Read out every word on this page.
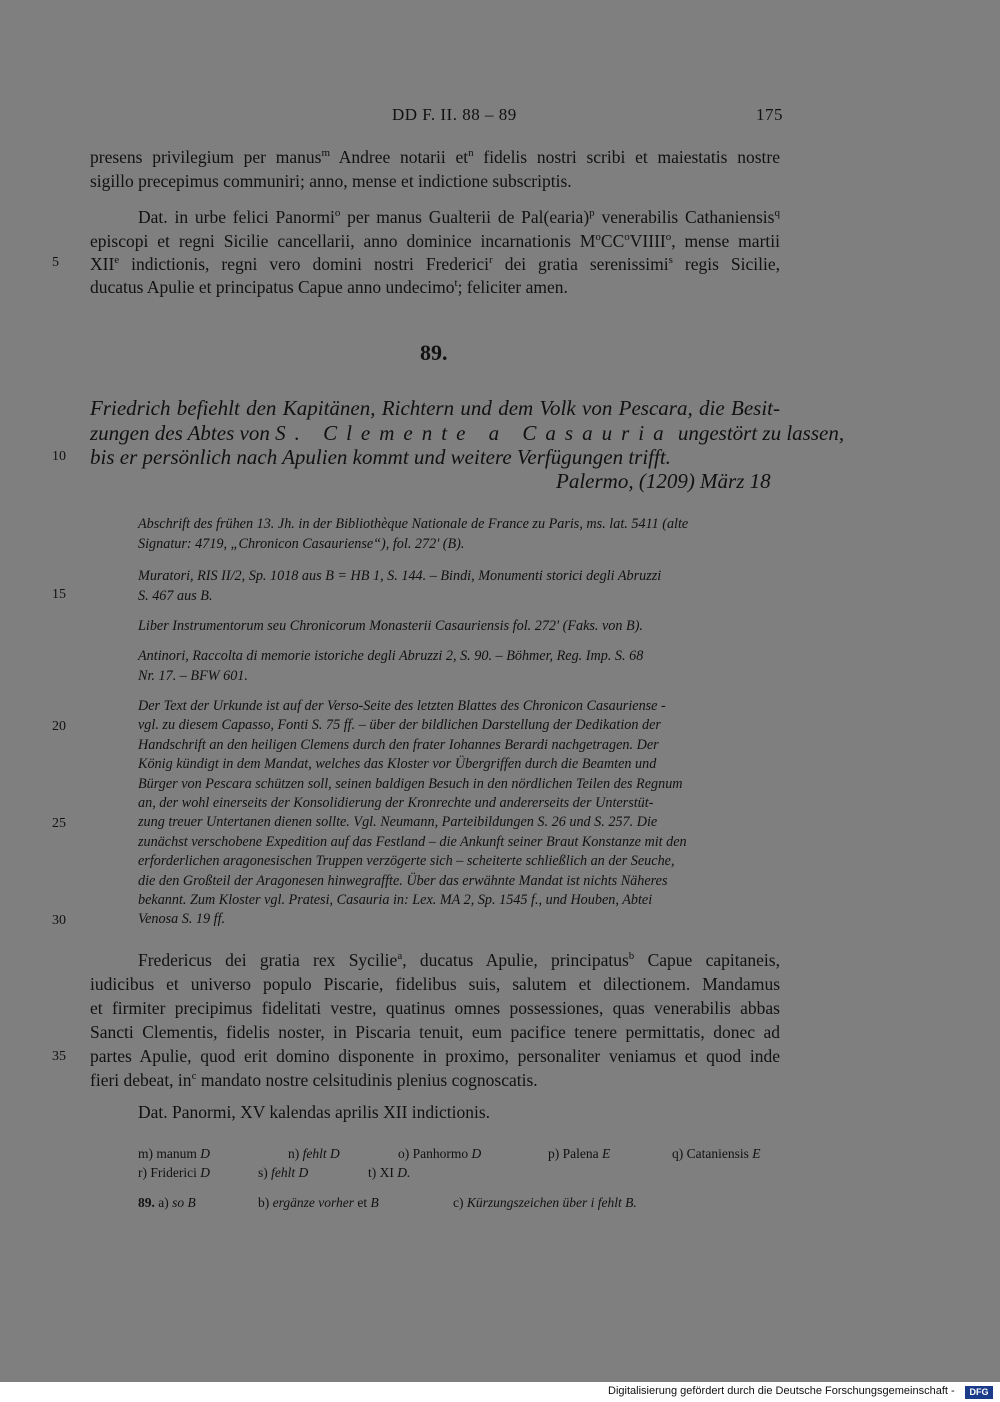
DD F. II. 88 – 89	175
presens privilegium per manus$^m$ Andree notarii $et^n$ fidelis nostri scribi et maiestatis nostre
sigillo precepimus communiri; anno, mense et indictione subscriptis.
Dat. in urbe felici Panormi$^o$ per manus Gualterii de Pal(earia)$^p$ venerabilis Cathaniensis$^q$
episcopi et regni Sicilie cancellarii, anno dominice incarnationis $M^oCC^oVIIII^o$, mense martii
XIIe indictionis, regni vero domini nostri Frederici$^r$ dei gratia serenissimi$^s$ regis Sicilie,
ducatus Apulie et principatus Capue anno undecimo$^t$; feliciter amen.
5
10
15
20
25
30
35
89.
Friedrich befiehlt den Kapitänen, Richtern und dem Volk von Pescara, die Besit-
zungen des Abtes von S. Clemente a Casauria ungestört zu lassen,
bis er persönlich nach Apulien kommt und weitere Verfügungen trifft.
Palermo, (1209) März 18
Abschrift des frühen 13. Jh. in der Bibliothèque Nationale de France zu Paris, ms. lat. 5411 (alte
Signatur: 4719, „Chronicon Casauriense“), fol. 272' (B).
Muratori, RIS II/2, Sp. 1018 aus B = HB 1, S. 144. – Bindi, Monumenti storici degli Abruzzi
S. 467 aus B.
Liber Instrumentorum seu Chronicorum Monasterii Casauriensis fol. 272' (Faks. von B).
Antinori, Raccolta di memorie istoriche degli Abruzzi 2, S. 90. – Böhmer, Reg. Imp. S. 68
Nr. 17. – BFW 601.
Der Text der Urkunde ist auf der Verso-Seite des letzten Blattes des Chronicon Casauriense -
vgl. zu diesem Capasso, Fonti S. 75 ff. – über der bildlichen Darstellung der Dedikation der
Handschrift an den heiligen Clemens durch den frater Iohannes Berardi nachgetragen. Der
König kündigt in dem Mandat, welches das Kloster vor Übergriffen durch die Beamten und
Bürger von Pescara schützen soll, seinen baldigen Besuch in den nördlichen Teilen des Regnum
an, der wohl einerseits der Konsolidierung der Kronrechte und andererseits der Unterstüt-
zung treuer Untertanen dienen sollte. Vgl. Neumann, Parteibildungen S. 26 und S. 257. Die
zunächst verschobene Expedition auf das Festland – die Ankunft seiner Braut Konstanze mit den
erforderlichen aragonesischen Truppen verzögerte sich – scheiterte schließlich an der Seuche,
die den Großteil der Aragonesen hinwegraffte. Über das erwähnte Mandat ist nichts Näheres
bekannt. Zum Kloster vgl. Pratesi, Casauria in: Lex. MA 2, Sp. 1545 f., und Houben, Abtei
Venosa S. 19 ff.
Fredericus dei gratia rex Sycilie$^a$, ducatus Apulie, principatus$^b$ Capue capitaneis,
iudicibus et universo populo Piscarie, fidelibus suis, salutem et dilectionem. Mandamus
et firmiter precipimus fidelitati vestre, quatinus omnes possessiones, quas venerabilis abbas
Sancti Clementis, fidelis noster, in Piscaria tenuit, eum pacifice tenere permittatis, donec ad
partes Apulie, quod erit domino disponente in proximo, personaliter veniamus et quod inde
fieri debeat, $in^c$ mandato nostre celsitudinis plenius cognoscatis.
Dat. Panormi, XV kalendas aprilis XII indictionis.
m) manum D	n) fehlt D	o) Panhormo D	p) Palena E	q) Cataniensis E
r) Friderici D	s) fehlt D	t) XI D.
89. a) so B	b) ergänze vorher et B	c) Kürzungszeichen über i fehlt B.
Digitalisierung gefördert durch die Deutsche Forschungsgemeinschaft -	DFG
